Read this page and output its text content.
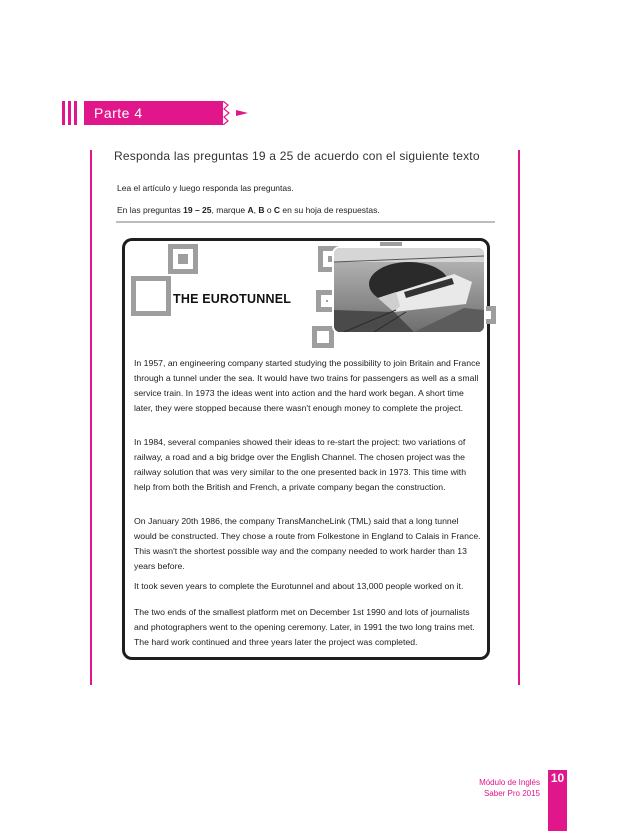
Parte 4
Responda las preguntas 19 a 25 de acuerdo con el siguiente texto
Lea el artículo y luego responda las preguntas.
En las preguntas 19 – 25, marque A, B o C en su hoja de respuestas.
THE EUROTUNNEL

In 1957, an engineering company started studying the possibility to join Britain and France through a tunnel under the sea. It would have two trains for passengers as well as a small service train. In 1973 the ideas went into action and the hard work began. A short time later, they were stopped because there wasn't enough money to complete the project.

In 1984, several companies showed their ideas to re-start the project: two variations of railway, a road and a big bridge over the English Channel. The chosen project was the railway solution that was very similar to the one presented back in 1973. This time with help from both the British and French, a private company began the construction.

On January 20th 1986, the company TransMancheLink (TML) said that a long tunnel would be constructed. They chose a route from Folkestone in England to Calais in France. This wasn't the shortest possible way and the company needed to work harder than 13 years before.

It took seven years to complete the Eurotunnel and about 13,000 people worked on it.

The two ends of the smallest platform met on December 1st 1990 and lots of journalists and photographers went to the opening ceremony. Later, in 1991 the two long trains met. The hard work continued and three years later the project was completed.

Módulo de Inglés
Saber Pro 2015
10
